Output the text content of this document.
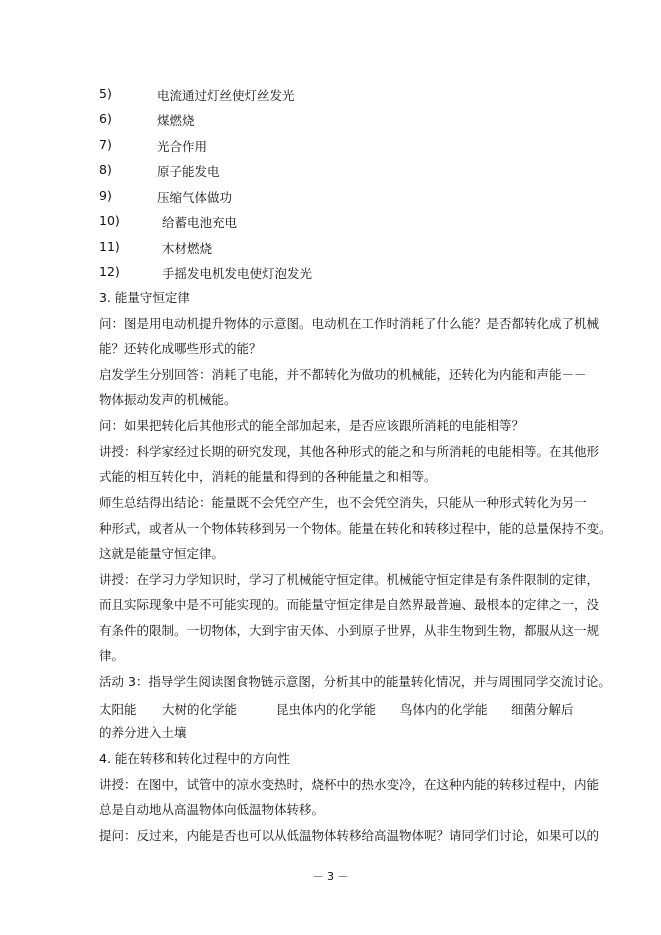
5)	电流通过灯丝使灯丝发光
6)	煤燃烧
7)	光合作用
8)	原子能发电
9)	压缩气体做功
10)	给蓄电池充电
11)	木材燃烧
12)	手摇发电机发电使灯泡发光
3. 能量守恒定律
问：图是用电动机提升物体的示意图。电动机在工作时消耗了什么能？是否都转化成了机械
能？还转化成哪些形式的能？
启发学生分别回答：消耗了电能，并不都转化为做功的机械能，还转化为内能和声能－－
物体振动发声的机械能。
问：如果把转化后其他形式的能全部加起来，是否应该跟所消耗的电能相等？
讲授：科学家经过长期的研究发现，其他各种形式的能之和与所消耗的电能相等。在其他形
式能的相互转化中，消耗的能量和得到的各种能量之和相等。
师生总结得出结论：能量既不会凭空产生，也不会凭空消失，只能从一种形式转化为另一
种形式，或者从一个物体转移到另一个物体。能量在转化和转移过程中，能的总量保持不变。
这就是能量守恒定律。
讲授：在学习力学知识时，学习了机械能守恒定律。机械能守恒定律是有条件限制的定律，
而且实际现象中是不可能实现的。而能量守恒定律是自然界最普遍、最根本的定律之一，没
有条件的限制。一切物体，大到宇宙天体、小到原子世界，从非生物到生物，都服从这一规
律。
活动 3：指导学生阅读图食物链示意图，分析其中的能量转化情况，并与周围同学交流讨论。
太阳能 大树的化学能	昆虫体内的化学能 鸟体内的化学能 细菌分解后
的养分进入土壤
4. 能在转移和转化过程中的方向性
讲授：在图中，试管中的凉水变热时，烧杯中的热水变冷，在这种内能的转移过程中，内能
总是自动地从高温物体向低温物体转移。
提问：反过来，内能是否也可以从低温物体转移给高温物体呢？请同学们讨论，如果可以的
－ 3 －
